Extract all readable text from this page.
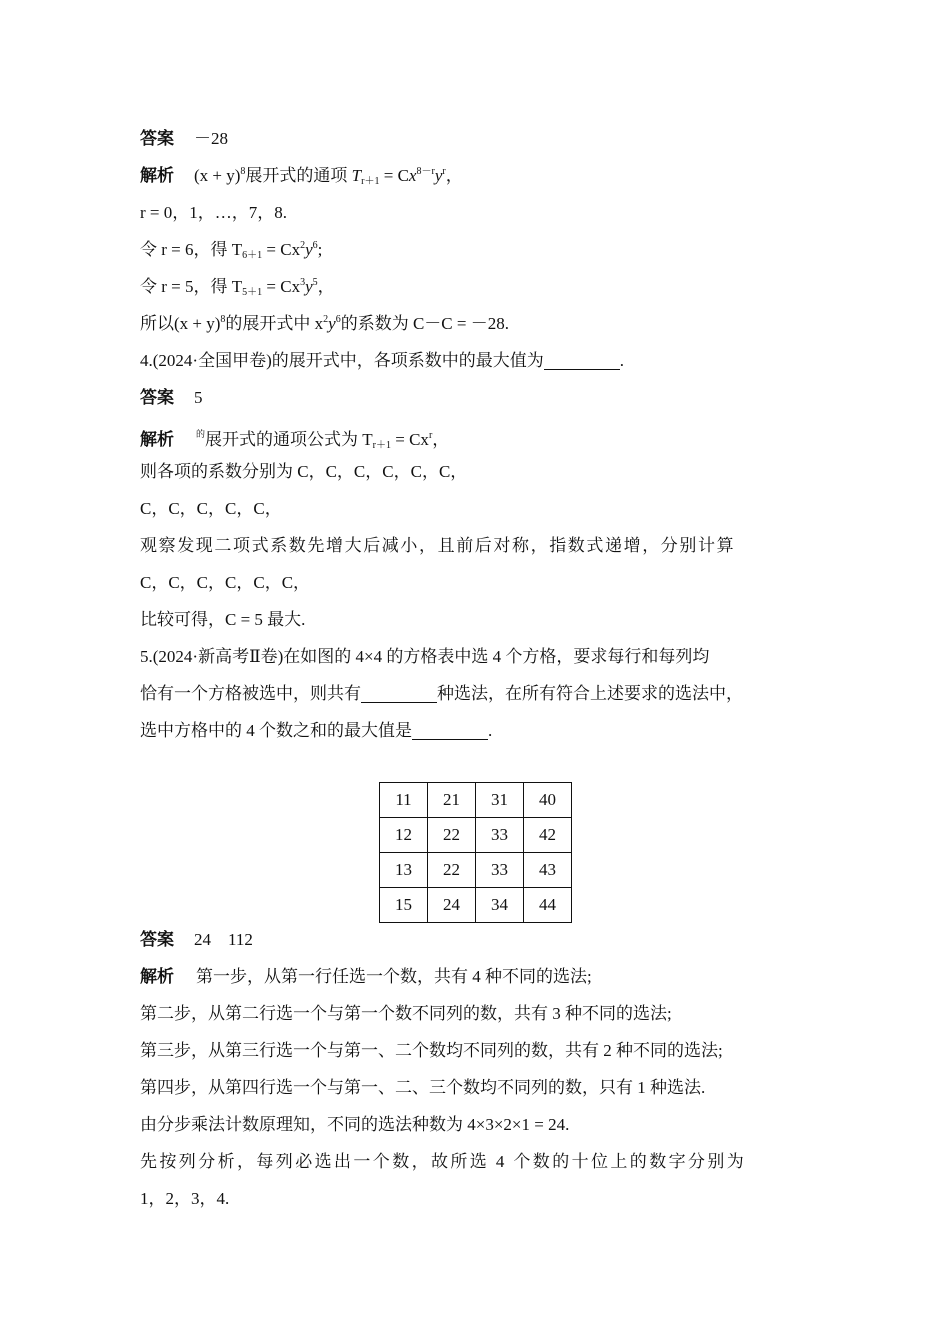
答案 －28
解析 $(x + y)^8$展开式的通项 $T_{r+1} = Cx^{8-r}y^r$，
r = 0，1，…，7，8.
令 r = 6，得 $T_{6+1} = Cx^2y^6$;
令 r = 5，得 $T_{5+1} = Cx^3y^5$，
所以$(x + y)^8$的展开式中 $x^2y^6$的系数为 C－C = －28.
4.(2024·全国甲卷)的展开式中，各项系数中的最大值为	.
答案 5
解析 $^的$展开式的通项公式为 $T_{r+1} = Cx^r$，
则各项的系数分别为 C，C，C，C，C，C，
C，C，C，C，C，
观察发现二项式系数先增大后减小，且前后对称，指数式递增，分别计算
C，C，C，C，C，C，
比较可得，C = 5 最大.
5.(2024·新高考Ⅱ卷)在如图的 4×4 的方格表中选 4 个方格，要求每行和每列均
恰有一个方格被选中，则共有	种选法，在所有符合上述要求的选法中，
选中方格中的 4 个数之和的最大值是	.
11	21	31	40
12	22	33	42
13	22	33	43
15	24	34	44
答案 24　112
解析 第一步，从第一行任选一个数，共有 4 种不同的选法;
第二步，从第二行选一个与第一个数不同列的数，共有 3 种不同的选法;
第三步，从第三行选一个与第一、二个数均不同列的数，共有 2 种不同的选法;
第四步，从第四行选一个与第一、二、三个数均不同列的数，只有 1 种选法.
由分步乘法计数原理知，不同的选法种数为 4×3×2×1 = 24.
先按列分析，每列必选出一个数，故所选 4 个数的十位上的数字分别为
1，2，3，4.
